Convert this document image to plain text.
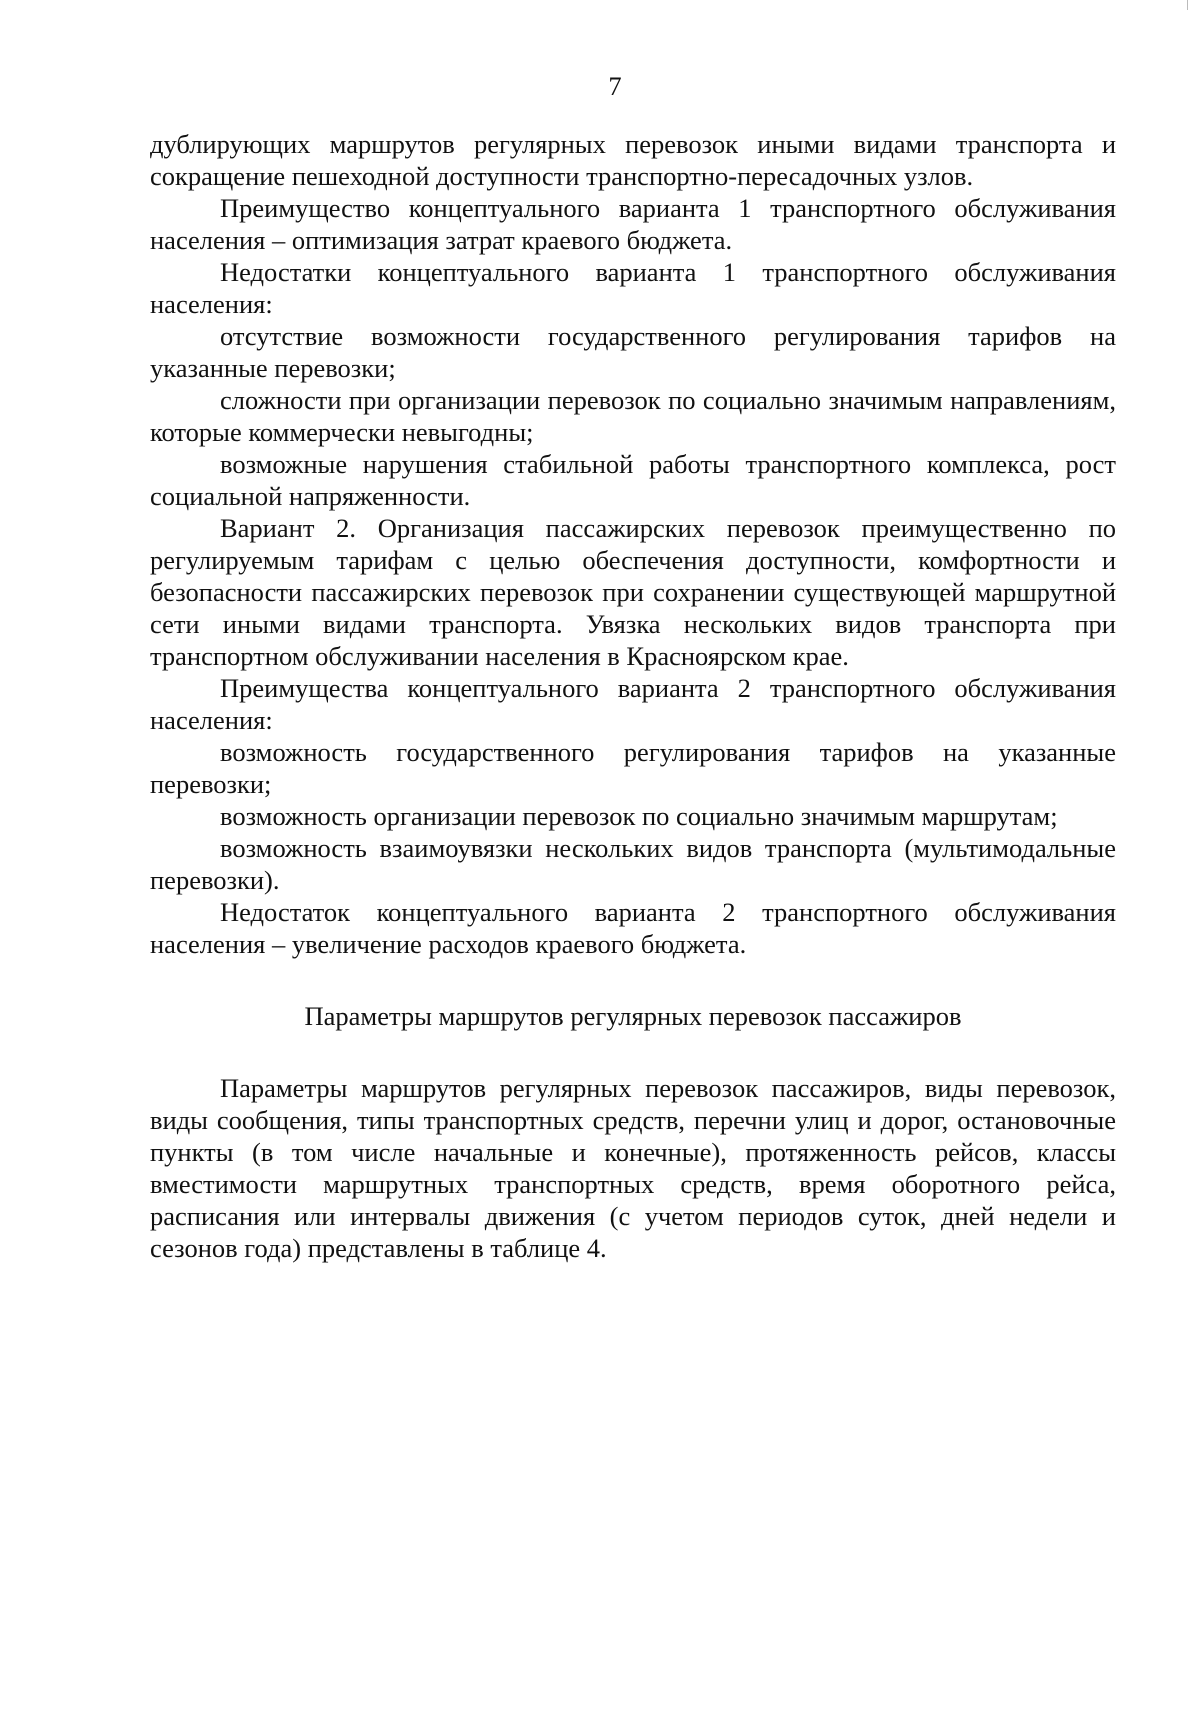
7

дублирующих маршрутов регулярных перевозок иными видами транспорта и сокращение пешеходной доступности транспортно-пересадочных узлов.

Преимущество концептуального варианта 1 транспортного обслуживания населения – оптимизация затрат краевого бюджета.

Недостатки концептуального варианта 1 транспортного обслуживания населения:

отсутствие возможности государственного регулирования тарифов на указанные перевозки;

сложности при организации перевозок по социально значимым направлениям, которые коммерчески невыгодны;

возможные нарушения стабильной работы транспортного комплекса, рост социальной напряженности.

Вариант 2. Организация пассажирских перевозок преимущественно по регулируемым тарифам с целью обеспечения доступности, комфортности и безопасности пассажирских перевозок при сохранении существующей маршрутной сети иными видами транспорта. Увязка нескольких видов транспорта при транспортном обслуживании населения в Красноярском крае.

Преимущества концептуального варианта 2 транспортного обслуживания населения:

возможность государственного регулирования тарифов на указанные перевозки;

возможность организации перевозок по социально значимым маршрутам;

возможность взаимоувязки нескольких видов транспорта (мультимодальные перевозки).

Недостаток концептуального варианта 2 транспортного обслуживания населения – увеличение расходов краевого бюджета.

Параметры маршрутов регулярных перевозок пассажиров

Параметры маршрутов регулярных перевозок пассажиров, виды перевозок, виды сообщения, типы транспортных средств, перечни улиц и дорог, остановочные пункты (в том числе начальные и конечные), протяженность рейсов, классы вместимости маршрутных транспортных средств, время оборотного рейса, расписания или интервалы движения (с учетом периодов суток, дней недели и сезонов года) представлены в таблице 4.
